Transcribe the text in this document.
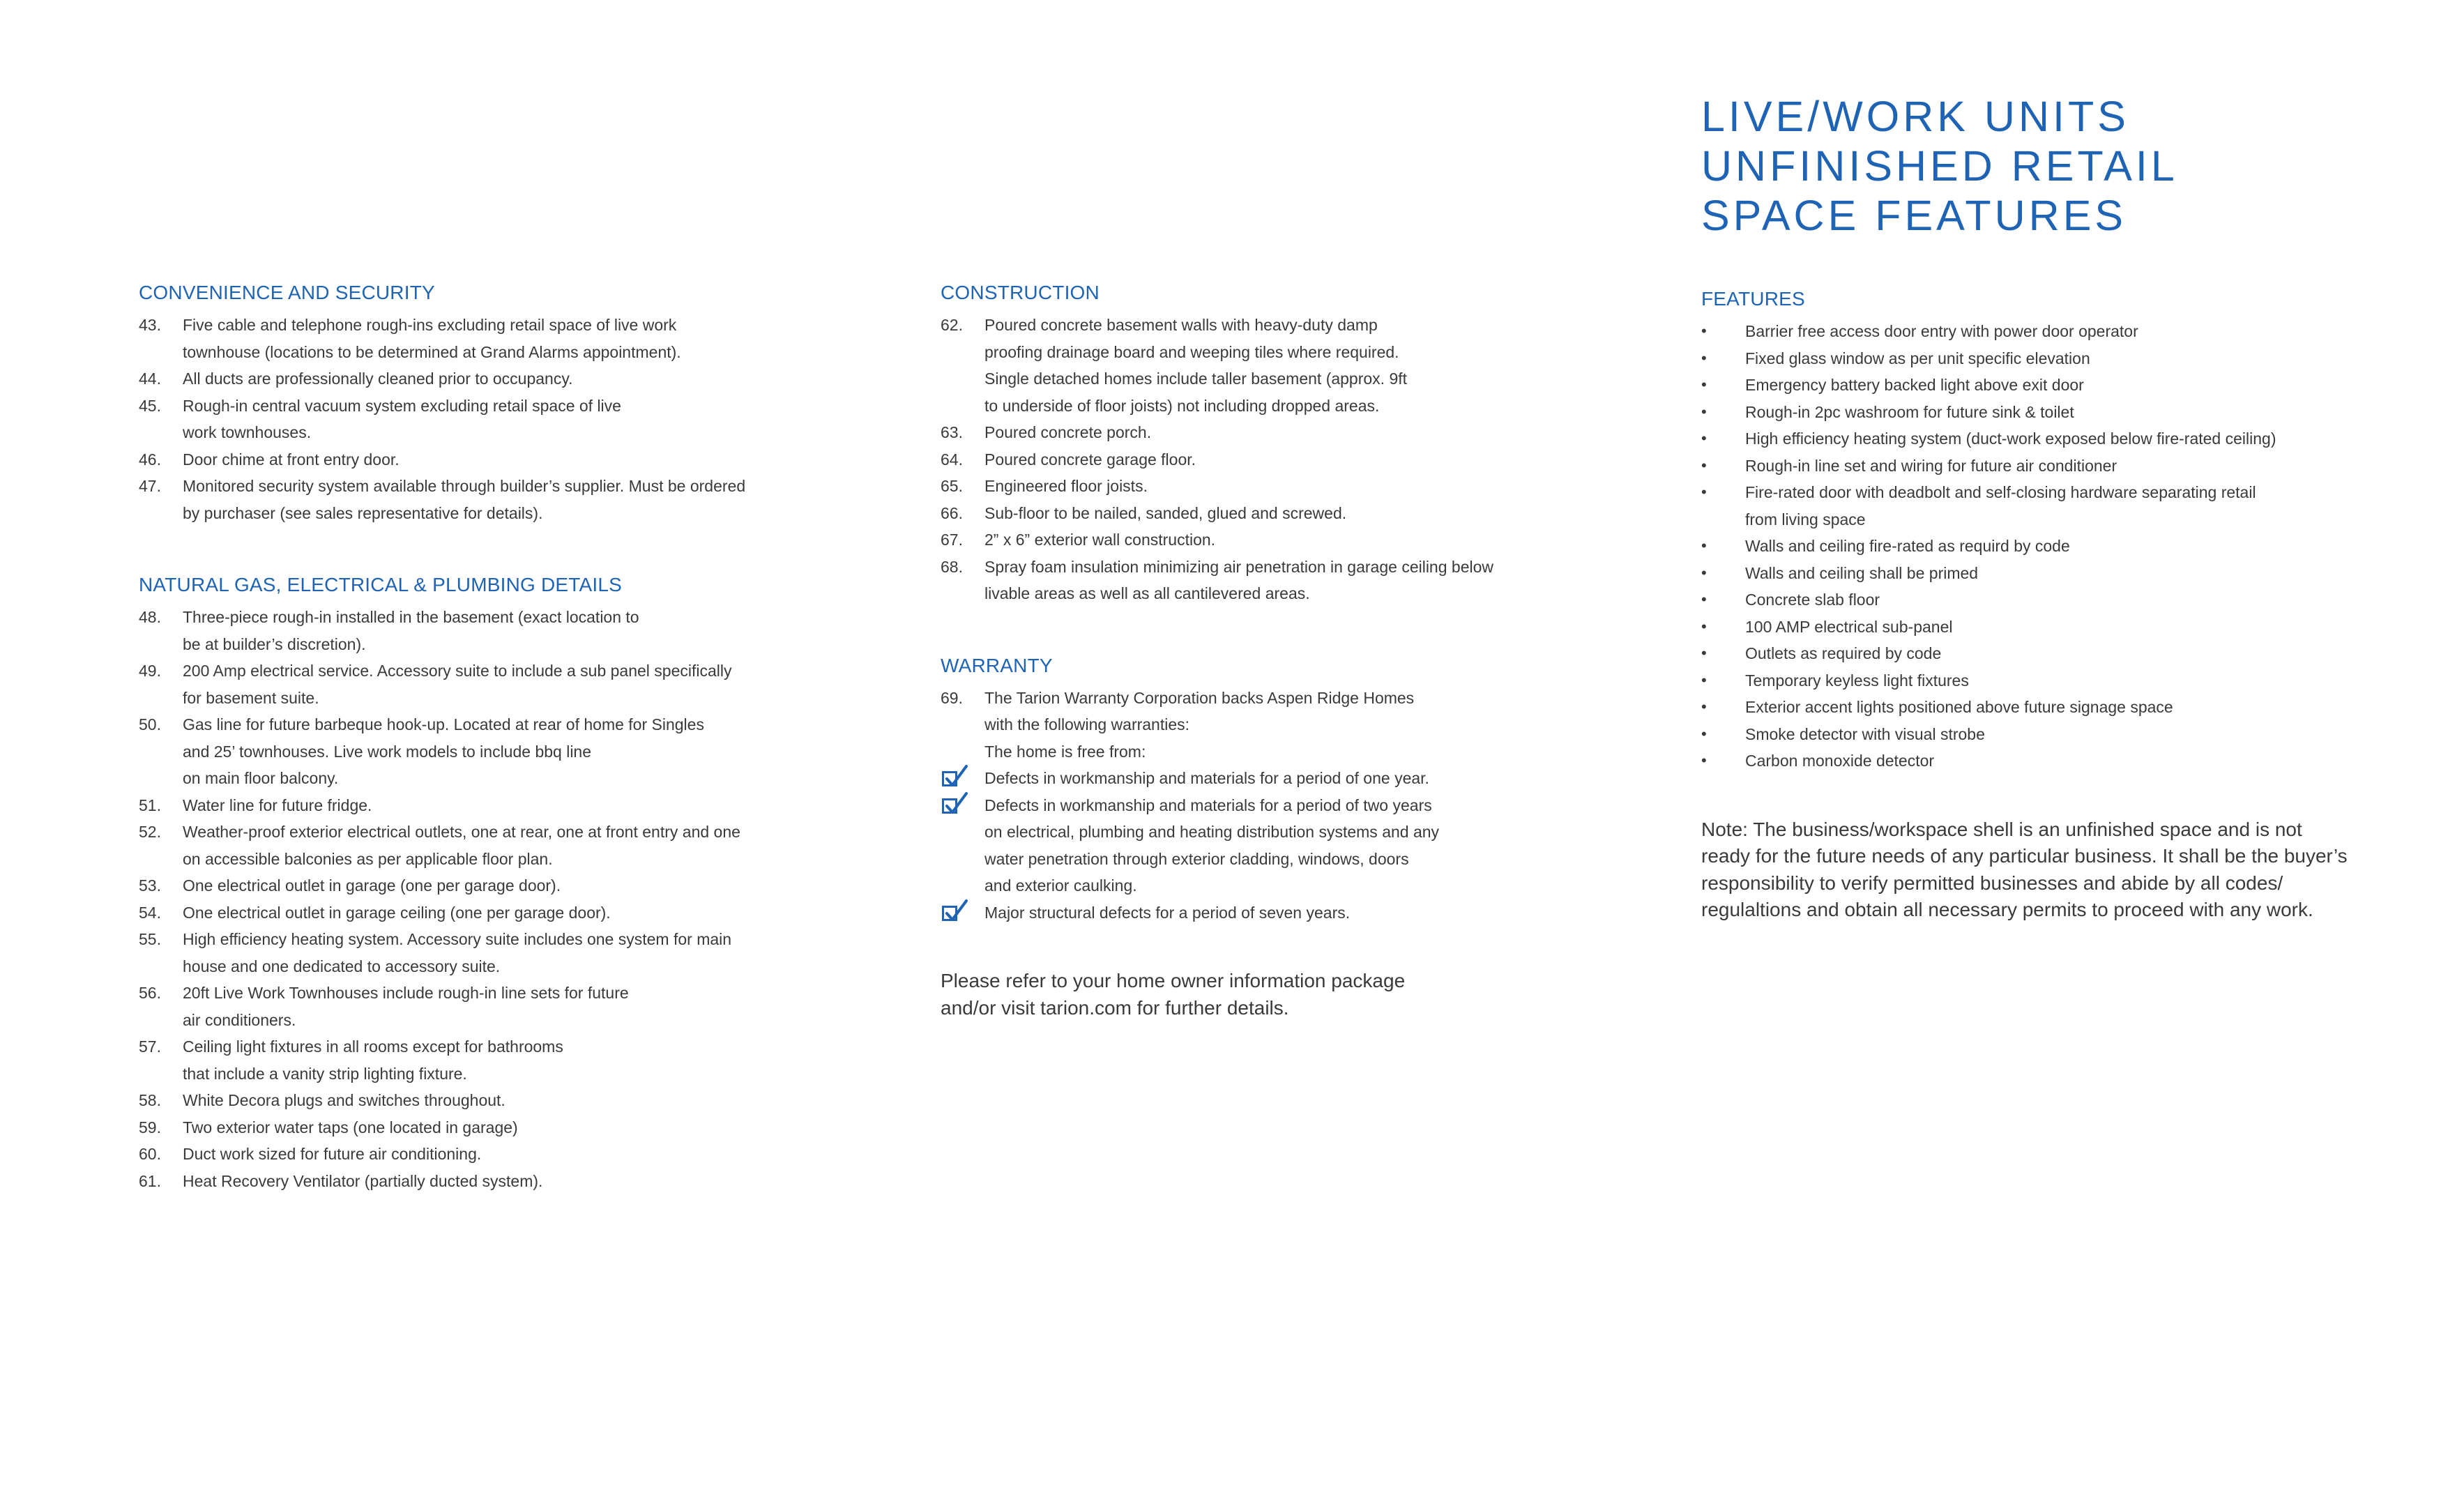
CONVENIENCE AND SECURITY
43. Five cable and telephone rough-ins excluding retail space of live work
townhouse (locations to be determined at Grand Alarms appointment).
44. All ducts are professionally cleaned prior to occupancy.
45. Rough-in central vacuum system excluding retail space of live
work townhouses.
46. Door chime at front entry door.
47. Monitored security system available through builder’s supplier. Must be ordered
by purchaser (see sales representative for details).
NATURAL GAS, ELECTRICAL & PLUMBING DETAILS
48. Three-piece rough-in installed in the basement (exact location to
be at builder’s discretion).
49. 200 Amp electrical service. Accessory suite to include a sub panel specifically
for basement suite.
50. Gas line for future barbeque hook-up. Located at rear of home for Singles
and 25’ townhouses. Live work models to include bbq line
on main floor balcony.
51. Water line for future fridge.
52. Weather-proof exterior electrical outlets, one at rear, one at front entry and one
on accessible balconies as per applicable floor plan.
53. One electrical outlet in garage (one per garage door).
54. One electrical outlet in garage ceiling (one per garage door).
55. High efficiency heating system. Accessory suite includes one system for main
house and one dedicated to accessory suite.
56. 20ft Live Work Townhouses include rough-in line sets for future
air conditioners.
57. Ceiling light fixtures in all rooms except for bathrooms
that include a vanity strip lighting fixture.
58. White Decora plugs and switches throughout.
59. Two exterior water taps (one located in garage)
60. Duct work sized for future air conditioning.
61. Heat Recovery Ventilator (partially ducted system).
CONSTRUCTION
62. Poured concrete basement walls with heavy-duty damp
proofing drainage board and weeping tiles where required.
Single detached homes include taller basement (approx. 9ft
to underside of floor joists) not including dropped areas.
63. Poured concrete porch.
64. Poured concrete garage floor.
65. Engineered floor joists.
66. Sub-floor to be nailed, sanded, glued and screwed.
67. 2” x 6” exterior wall construction.
68. Spray foam insulation minimizing air penetration in garage ceiling below
livable areas as well as all cantilevered areas.
WARRANTY
69. The Tarion Warranty Corporation backs Aspen Ridge Homes
with the following warranties:
The home is free from:
Defects in workmanship and materials for a period of one year.
Defects in workmanship and materials for a period of two years
on electrical, plumbing and heating distribution systems and any
water penetration through exterior cladding, windows, doors
and exterior caulking.
Major structural defects for a period of seven years.
Please refer to your home owner information package
and/or visit tarion.com for further details.
LIVE/WORK UNITS
UNFINISHED RETAIL
SPACE FEATURES
FEATURES
• Barrier free access door entry with power door operator
• Fixed glass window as per unit specific elevation
• Emergency battery backed light above exit door
• Rough-in 2pc washroom for future sink & toilet
• High efficiency heating system (duct-work exposed below fire-rated ceiling)
• Rough-in line set and wiring for future air conditioner
• Fire-rated door with deadbolt and self-closing hardware separating retail
from living space
• Walls and ceiling fire-rated as requird by code
• Walls and ceiling shall be primed
• Concrete slab floor
• 100 AMP electrical sub-panel
• Outlets as required by code
• Temporary keyless light fixtures
• Exterior accent lights positioned above future signage space
• Smoke detector with visual strobe
• Carbon monoxide detector
Note: The business/workspace shell is an unfinished space and is not
ready for the future needs of any particular business. It shall be the buyer’s
responsibility to verify permitted businesses and abide by all codes/
regulaltions and obtain all necessary permits to proceed with any work.
